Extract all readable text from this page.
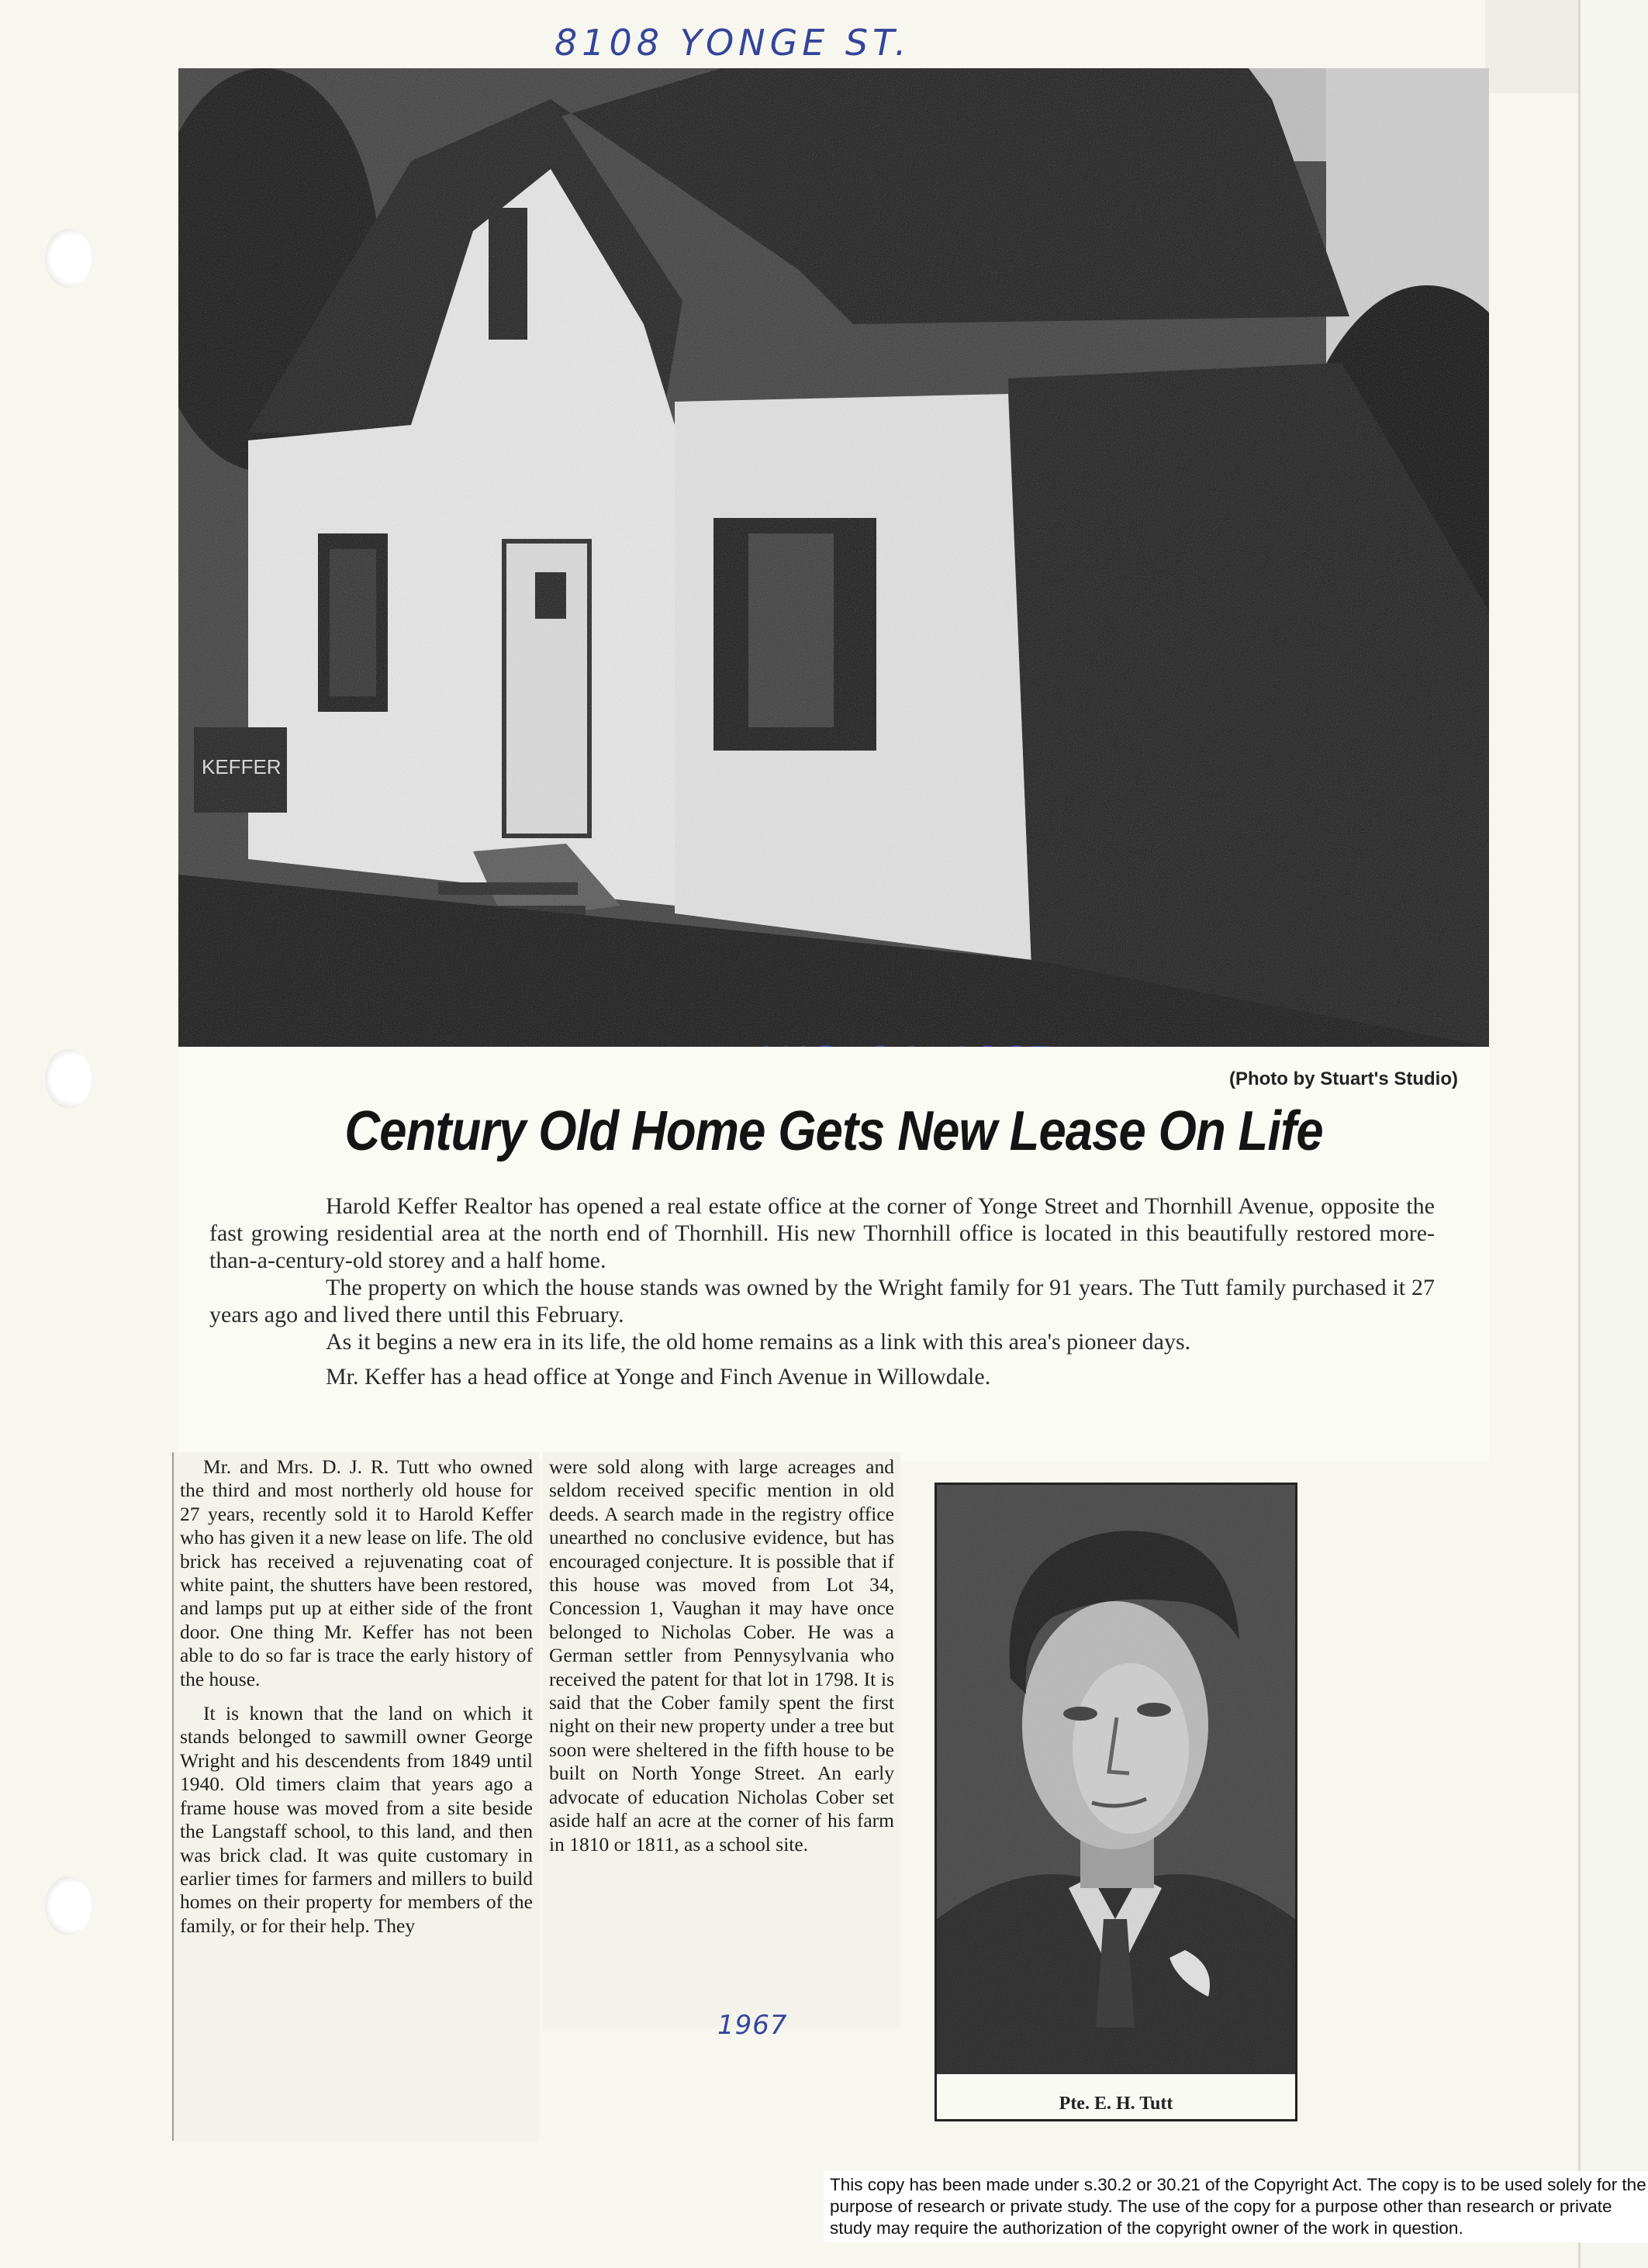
8108 YONGE ST.
(Photo by Stuart's Studio)
Century Old Home Gets New Lease On Life

Harold Keffer Realtor has opened a real estate office at the corner of Yonge Street and Thornhill Avenue, opposite the fast growing residential area at the north end of Thornhill. His new Thornhill office is located in this beautifully restored more-than-a-century-old storey and a half home.

The property on which the house stands was owned by the Wright family for 91 years. The Tutt family purchased it 27 years ago and lived there until this February.

As it begins a new era in its life, the old home remains as a link with this area's pioneer days.

Mr. Keffer has a head office at Yonge and Finch Avenue in Willowdale.

Mr. and Mrs. D. J. R. Tutt who owned the third and most northerly old house for 27 years, recently sold it to Harold Keffer who has given it a new lease on life. The old brick has received a rejuvenating coat of white paint, the shutters have been restored, and lamps put up at either side of the front door. One thing Mr. Keffer has not been able to do so far is trace the early history of the house.

It is known that the land on which it stands belonged to sawmill owner George Wright and his descendents from 1849 until 1940. Old timers claim that years ago a frame house was moved from a site beside the Langstaff school, to this land, and then was brick clad. It was quite customary in earlier times for farmers and millers to build homes on their property for members of the family, or for their help. They

were sold along with large acreages and seldom received specific mention in old deeds. A search made in the registry office unearthed no conclusive evidence, but has encouraged conjecture. It is possible that if this house was moved from Lot 34, Concession 1, Vaughan it may have once belonged to Nicholas Cober. He was a German settler from Pennysylvania who received the patent for that lot in 1798. It is said that the Cober family spent the first night on their new property under a tree but soon were sheltered in the fifth house to be built on North Yonge Street. An early advocate of education Nicholas Cober set aside half an acre at the corner of his farm in 1810 or 1811, as a school site.

1967
Pte. E. H. Tutt
This copy has been made under s.30.2 or 30.21 of the Copyright Act. The copy is to be used solely for the purpose of research or private study. The use of the copy for a purpose other than research or private study may require the authorization of the copyright owner of the work in question.
